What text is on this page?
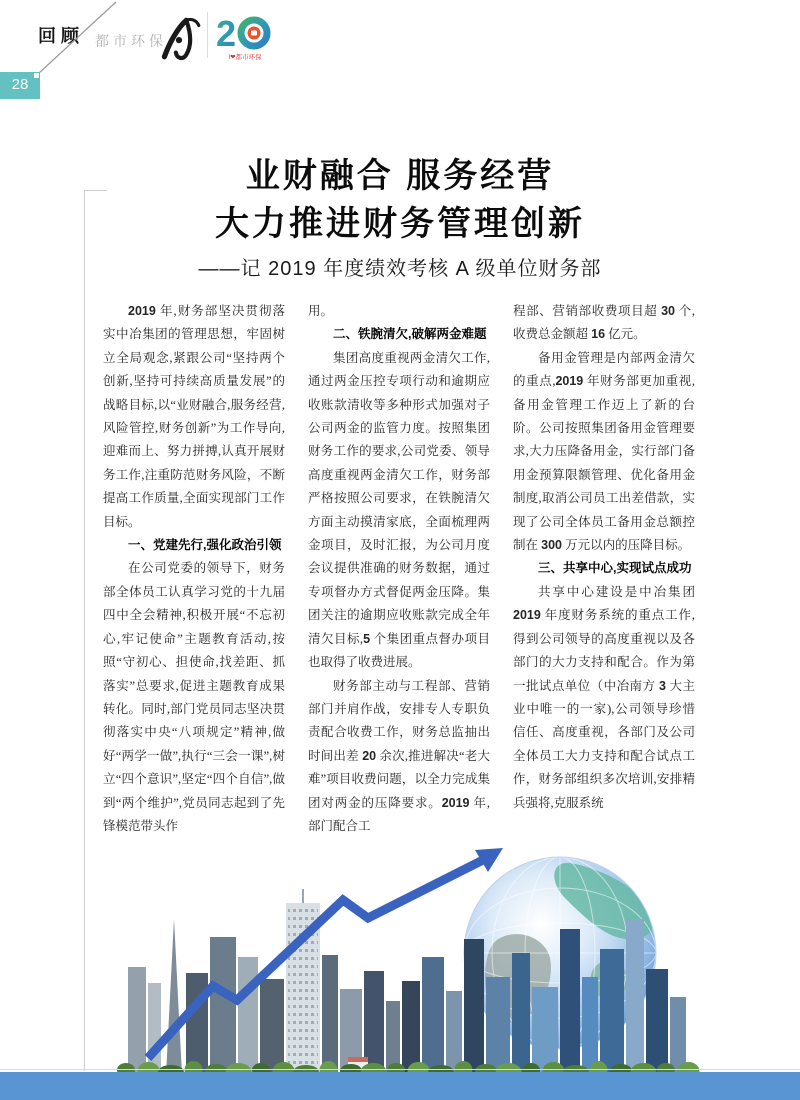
回顾
28
都市环保 2
I❤都市环保
业财融合 服务经营
大力推进财务管理创新
——记 2019 年度绩效考核 A 级单位财务部

2019 年,财务部坚决贯彻落实中冶集团的管理思想，牢固树立全局观念,紧跟公司“坚持两个创新,坚持可持续高质量发展”的战略目标,以“业财融合,服务经营,风险管控,财务创新”为工作导向,迎难而上、努力拼搏,认真开展财务工作,注重防范财务风险，不断提高工作质量,全面实现部门工作目标。

一、党建先行,强化政治引领

在公司党委的领导下，财务部全体员工认真学习党的十九届四中全会精神,积极开展“不忘初心,牢记使命”主题教育活动,按照“守初心、担使命,找差距、抓落实”总要求,促进主题教育成果转化。同时,部门党员同志坚决贯彻落实中央“八项规定”精神,做好“两学一做”,执行“三会一课”,树立“四个意识”,坚定“四个自信”,做到“两个维护”,党员同志起到了先锋模范带头作

用。

二、铁腕清欠,破解两金难题

集团高度重视两金清欠工作,通过两金压控专项行动和逾期应收账款清收等多种形式加强对子公司两金的监管力度。按照集团财务工作的要求,公司党委、领导高度重视两金清欠工作，财务部严格按照公司要求，在铁腕清欠方面主动摸清家底，全面梳理两金项目，及时汇报，为公司月度会议提供准确的财务数据，通过专项督办方式督促两金压降。集团关注的逾期应收账款完成全年清欠目标,5 个集团重点督办项目也取得了收费进展。

财务部主动与工程部、营销部门并肩作战，安排专人专职负责配合收费工作，财务总监抽出时间出差 20 余次,推进解决“老大难”项目收费问题，以全力完成集团对两金的压降要求。2019 年,部门配合工

程部、营销部收费项目超 30 个,收费总金额超 16 亿元。

备用金管理是内部两金清欠的重点,2019 年财务部更加重视,备用金管理工作迈上了新的台阶。公司按照集团备用金管理要求,大力压降备用金，实行部门备用金预算限额管理、优化备用金制度,取消公司员工出差借款，实现了公司全体员工备用金总额控制在 300 万元以内的压降目标。

三、共享中心,实现试点成功

共享中心建设是中冶集团 2019 年度财务系统的重点工作,得到公司领导的高度重视以及各部门的大力支持和配合。作为第一批试点单位（中冶南方 3 大主业中唯一的一家),公司领导珍惜信任、高度重视，各部门及公司全体员工大力支持和配合试点工作，财务部组织多次培训,安排精兵强将,克服系统
